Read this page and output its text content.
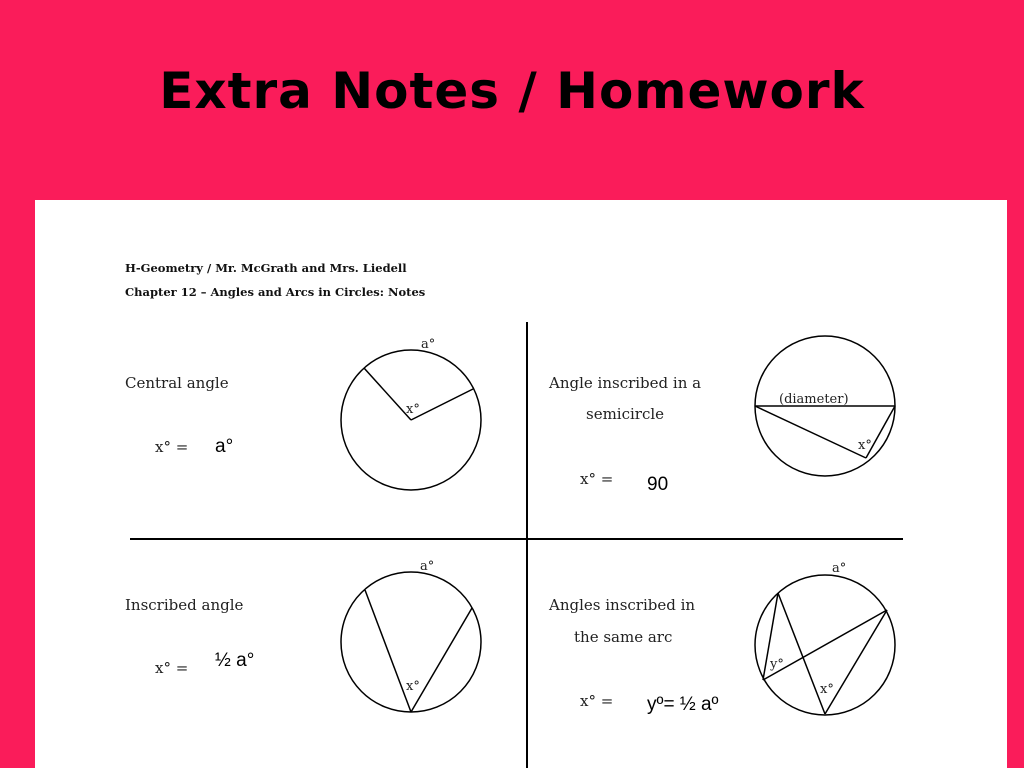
Extra Notes / Homework
H-Geometry / Mr. McGrath and Mrs. Liedell
Chapter 12 – Angles and Arcs in Circles: Notes
Central angle
x° = a°
Angle inscribed in a
semicircle
x° = 90
Inscribed angle
x° = ½ a°
Angles inscribed in
the same arc
x° = yº= ½ aº
a°
x°
(diameter)
x°
a°
x°
a°
x°
y°
